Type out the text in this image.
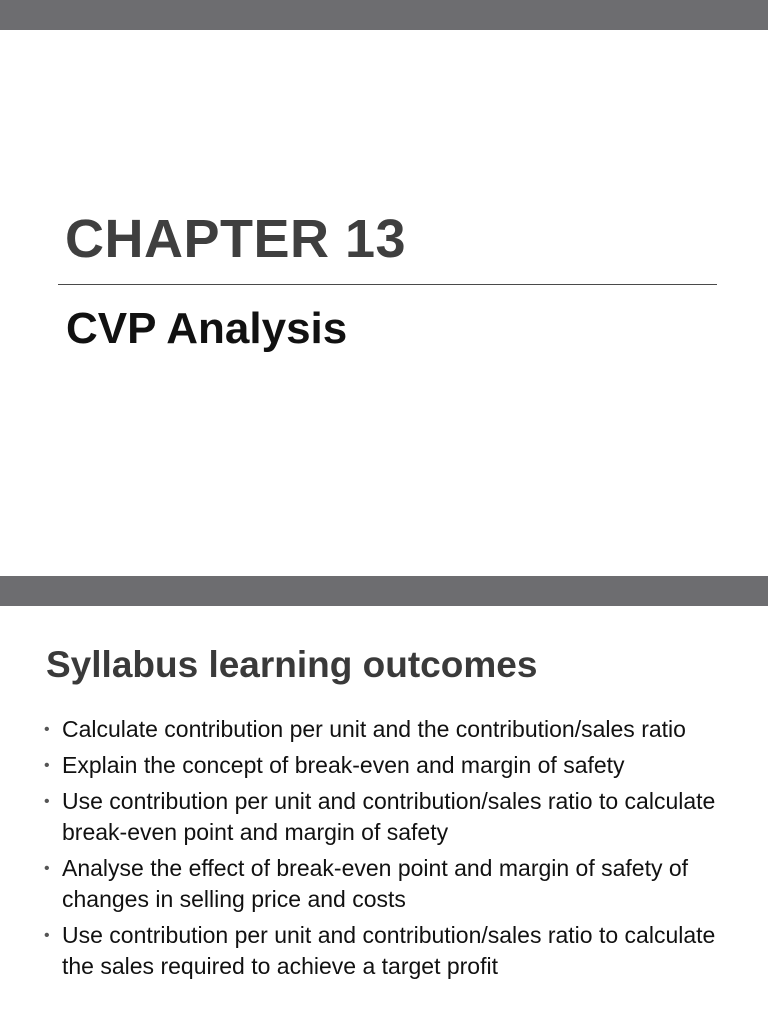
CHAPTER 13
CVP Analysis
Syllabus learning outcomes
• Calculate contribution per unit and the contribution/sales ratio
• Explain the concept of break-even and margin of safety
• Use contribution per unit and contribution/sales ratio to calculate break-even point and margin of safety
• Analyse the effect of break-even point and margin of safety of changes in selling price and costs
• Use contribution per unit and contribution/sales ratio to calculate the sales required to achieve a target profit
